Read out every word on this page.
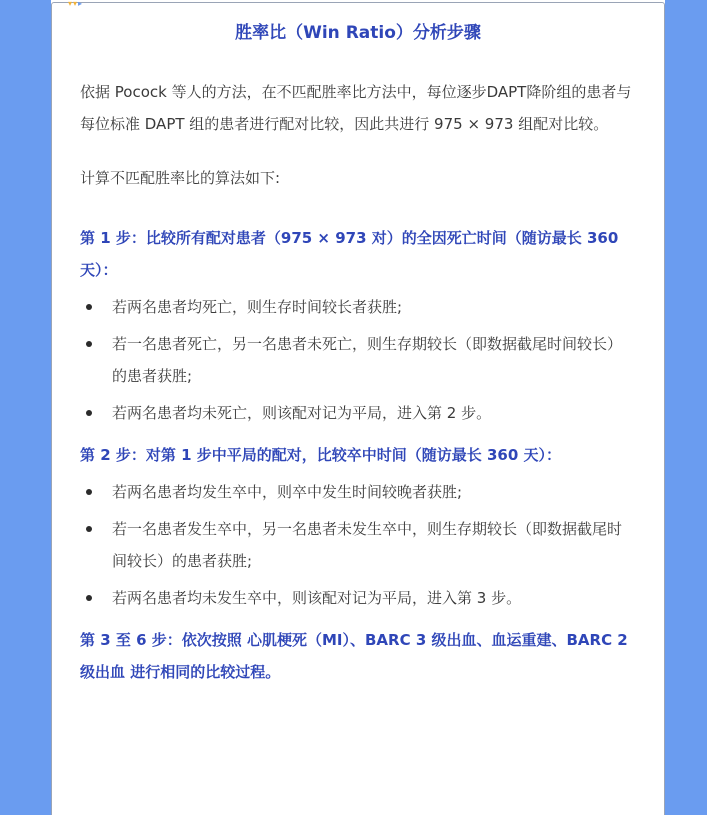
▾▾▸
胜率比（Win Ratio）分析步骤

依据 Pocock 等人的方法，在不匹配胜率比方法中，每位逐步DAPT降阶组的患者与每位标准 DAPT 组的患者进行配对比较，因此共进行 975 × 973 组配对比较。

计算不匹配胜率比的算法如下:

第 1 步：比较所有配对患者（975 × 973 对）的全因死亡时间（随访最长 360 天）：

若两名患者均死亡，则生存时间较长者获胜;
若一名患者死亡，另一名患者未死亡，则生存期较长（即数据截尾时间较长）的患者获胜;
若两名患者均未死亡，则该配对记为平局，进入第 2 步。

第 2 步：对第 1 步中平局的配对，比较卒中时间（随访最长 360 天）：

若两名患者均发生卒中，则卒中发生时间较晚者获胜;
若一名患者发生卒中，另一名患者未发生卒中，则生存期较长（即数据截尾时间较长）的患者获胜;
若两名患者均未发生卒中，则该配对记为平局，进入第 3 步。

第 3 至 6 步：依次按照 心肌梗死（MI）、BARC 3 级出血、血运重建、BARC 2 级出血 进行相同的比较过程。
